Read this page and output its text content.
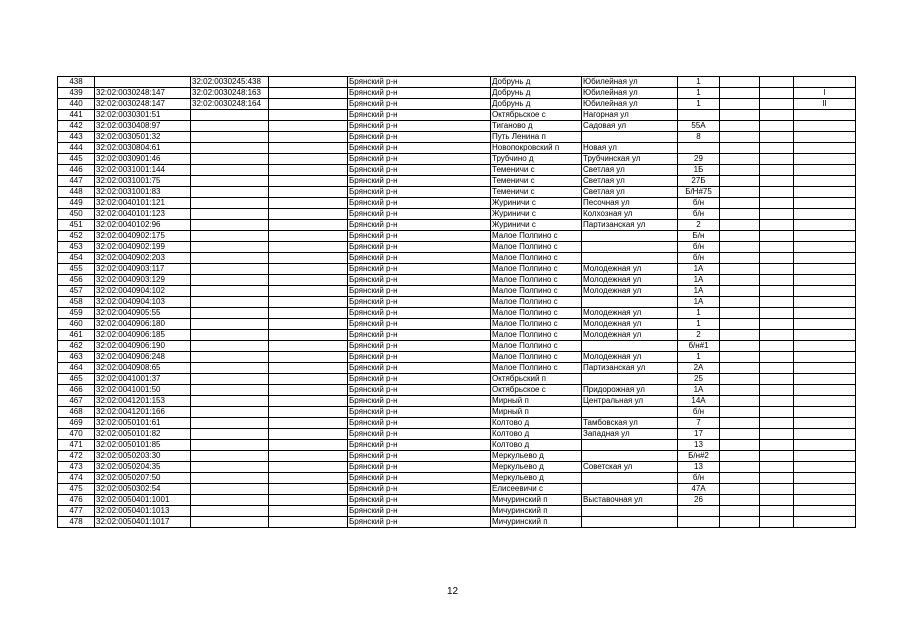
438		32:02:0030245:438		Брянский р-н	Добрунь д	Юбилейная ул	1			
439	32:02:0030248:147	32:02:0030248:163		Брянский р-н	Добрунь д	Юбилейная ул	1			I
440	32:02:0030248:147	32:02:0030248:164		Брянский р-н	Добрунь д	Юбилейная ул	1			II
441	32:02:0030301:51			Брянский р-н	Октябрьское с	Нагорная ул				
442	32:02:0030408:97			Брянский р-н	Тиганово д	Садовая ул	55А			
443	32:02:0030501:32			Брянский р-н	Путь Ленина п		8			
444	32:02:0030804:61			Брянский р-н	Новопокровский п	Новая ул				
445	32:02:0030901:46			Брянский р-н	Трубчино д	Трубчинская ул	29			
446	32:02:0031001:144			Брянский р-н	Теменичи с	Светлая ул	1Б			
447	32:02:0031001:75			Брянский р-н	Теменичи с	Светлая ул	27Б			
448	32:02:0031001:83			Брянский р-н	Теменичи с	Светлая ул	Б/Н#75			
449	32:02:0040101:121			Брянский р-н	Журиничи с	Песочная ул	б/н			
450	32:02:0040101:123			Брянский р-н	Журиничи с	Колхозная ул	б/н			
451	32:02:0040102:96			Брянский р-н	Журиничи с	Партизанская ул	2			
452	32:02:0040902:175			Брянский р-н	Малое Полпино с		Б/н			
453	32:02:0040902:199			Брянский р-н	Малое Полпино с		б/н			
454	32:02:0040902:203			Брянский р-н	Малое Полпино с		б/н			
455	32:02:0040903:117			Брянский р-н	Малое Полпино с	Молодежная ул	1А			
456	32:02:0040903:129			Брянский р-н	Малое Полпино с	Молодежная ул	1А			
457	32:02:0040904:102			Брянский р-н	Малое Полпино с	Молодежная ул	1А			
458	32:02:0040904:103			Брянский р-н	Малое Полпино с		1А			
459	32:02:0040905:55			Брянский р-н	Малое Полпино с	Молодежная ул	1			
460	32:02:0040906:180			Брянский р-н	Малое Полпино с	Молодежная ул	1			
461	32:02:0040906:185			Брянский р-н	Малое Полпино с	Молодежная ул	2			
462	32:02:0040906:190			Брянский р-н	Малое Полпино с		б/н#1			
463	32:02:0040906:248			Брянский р-н	Малое Полпино с	Молодежная ул	1			
464	32:02:0040908:65			Брянский р-н	Малое Полпино с	Партизанская ул	2А			
465	32:02:0041001:37			Брянский р-н	Октябрьский п		25			
466	32:02:0041001:50			Брянский р-н	Октябрьское с	Придорожная ул	1А			
467	32:02:0041201:153			Брянский р-н	Мирный п	Центральная ул	14А			
468	32:02:0041201:166			Брянский р-н	Мирный п		б/н			
469	32:02:0050101:61			Брянский р-н	Колтово д	Тамбовская ул	7			
470	32:02:0050101:82			Брянский р-н	Колтово д	Западная ул	17			
471	32:02:0050101:85			Брянский р-н	Колтово д		13			
472	32:02:0050203:30			Брянский р-н	Меркульево д		Б/н#2			
473	32:02:0050204:35			Брянский р-н	Меркульево д	Советская ул	13			
474	32:02:0050207:50			Брянский р-н	Меркульево д		б/н			
475	32:02:0050302:54			Брянский р-н	Елисеевичи с		47А			
476	32:02:0050401:1001			Брянский р-н	Мичуринский п	Выставочная ул	26			
477	32:02:0050401:1013			Брянский р-н	Мичуринский п					
478	32:02:0050401:1017			Брянский р-н	Мичуринский п					
12
